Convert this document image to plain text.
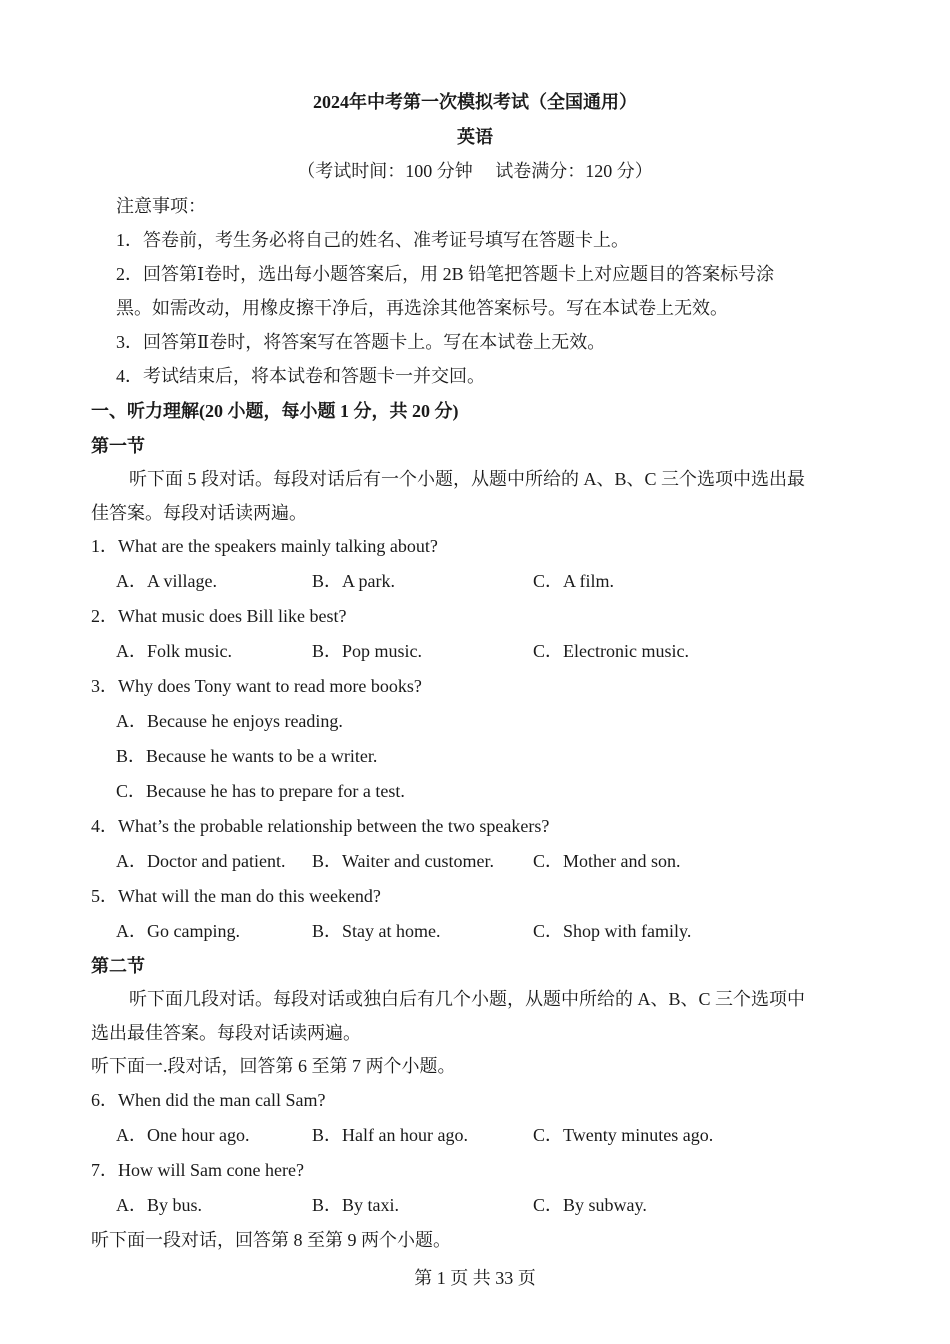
2024年中考第一次模拟考试（全国通用）
英语
（考试时间：100 分钟　 试卷满分：120 分）
注意事项：
1．答卷前，考生务必将自己的姓名、准考证号填写在答题卡上。
2．回答第Ⅰ卷时，选出每小题答案后，用 2B 铅笔把答题卡上对应题目的答案标号涂
黑。如需改动，用橡皮擦干净后，再选涂其他答案标号。写在本试卷上无效。
3．回答第Ⅱ卷时，将答案写在答题卡上。写在本试卷上无效。
4．考试结束后，将本试卷和答题卡一并交回。
一、听力理解(20 小题，每小题 1 分，共 20 分)
第一节
听下面 5 段对话。每段对话后有一个小题，从题中所给的 A、B、C 三个选项中选出最
佳答案。每段对话读两遍。
1．What are the speakers mainly talking about?
A．A village.	B．A park.	C．A film.
2．What music does Bill like best?
A．Folk music.	B．Pop music.	C．Electronic music.
3．Why does Tony want to read more books?
A．Because he enjoys reading.
B．Because he wants to be a writer.
C．Because he has to prepare for a test.
4．What’s the probable relationship between the two speakers?
A．Doctor and patient. B．Waiter and customer. C．Mother and son.
5．What will the man do this weekend?
A．Go camping.	B．Stay at home.	C．Shop with family.
第二节
听下面几段对话。每段对话或独白后有几个小题，从题中所给的 A、B、C 三个选项中
选出最佳答案。每段对话读两遍。
听下面一.段对话，回答第 6 至第 7 两个小题。
6．When did the man call Sam?
A．One hour ago.	B．Half an hour ago.	C．Twenty minutes ago.
7．How will Sam cone here?
A．By bus.	B．By taxi.	C．By subway.
听下面一段对话，回答第 8 至第 9 两个小题。
第 1 页 共 33 页
